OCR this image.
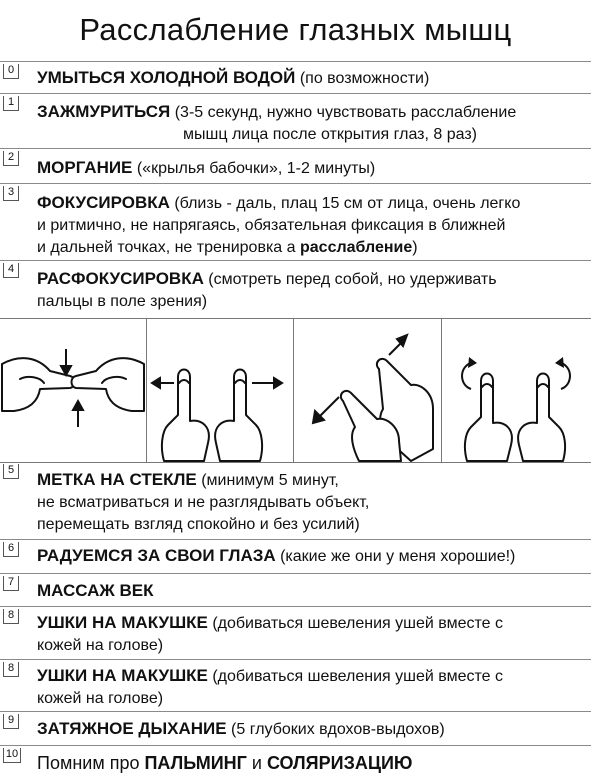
Расслабление глазных мышц
0 УМЫТЬСЯ ХОЛОДНОЙ ВОДОЙ (по возможности)
1 ЗАЖМУРИТЬСЯ (3-5 секунд, нужно чувствовать расслабление
мышц лица после открытия глаз, 8 раз)
2
МОРГАНИЕ («крылья бабочки», 1-2 минуты)
3
ФОКУСИРОВКА (близь - даль, плац 15 см от лица, очень легко
и ритмично, не напрягаясь, обязательная фиксация в ближней
и дальней точках, не тренировка а расслабление)
4 РАСФОКУСИРОВКА (смотреть перед собой, но удерживать
пальцы в поле зрения)
5 МЕТКА НА СТЕКЛЕ (минимум 5 минут,
не всматриваться и не разглядывать объект,
перемещать взгляд спокойно и без усилий)
6 РАДУЕМСЯ ЗА СВОИ ГЛАЗА (какие же они у меня хорошие!)
7 МАССАЖ ВЕК
8 УШКИ НА МАКУШКЕ (добиваться шевеления ушей вместе с
кожей на голове)
8 УШКИ НА МАКУШКЕ (добиваться шевеления ушей вместе с
кожей на голове)
9 ЗАТЯЖНОЕ ДЫХАНИЕ (5 глубоких вдохов-выдохов)
10 Помним про ПАЛЬМИНГ и СОЛЯРИЗАЦИЮ
